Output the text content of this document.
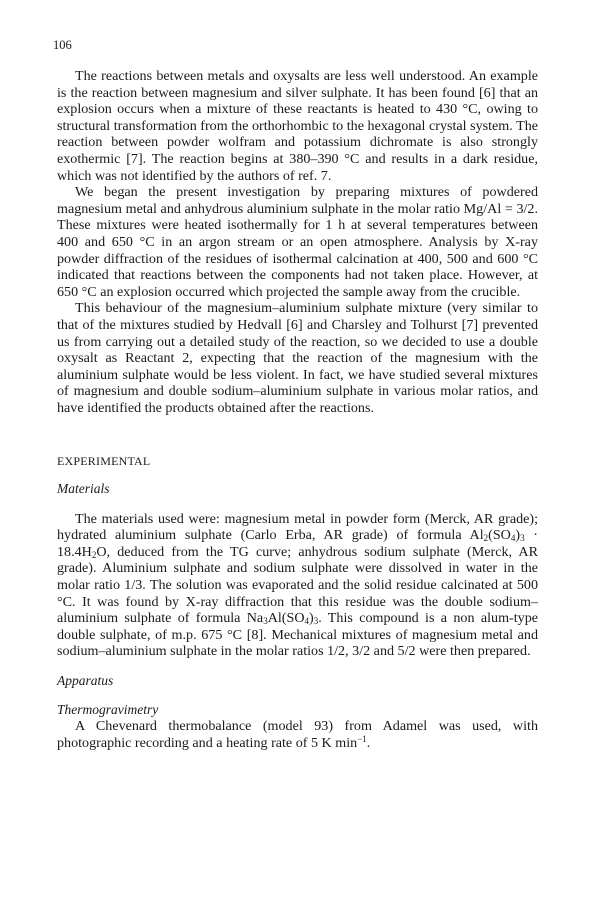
106

The reactions between metals and oxysalts are less well understood. An example is the reaction between magnesium and silver sulphate. It has been found [6] that an explosion occurs when a mixture of these reactants is heated to 430 °C, owing to structural transformation from the orthorhombic to the hexagonal crystal system. The reaction between powder wolfram and potassium dichromate is also strongly exothermic [7]. The reaction begins at 380–390 °C and results in a dark residue, which was not identified by the authors of ref. 7.

We began the present investigation by preparing mixtures of powdered magnesium metal and anhydrous aluminium sulphate in the molar ratio Mg/Al = 3/2. These mixtures were heated isothermally for 1 h at several temperatures between 400 and 650 °C in an argon stream or an open atmosphere. Analysis by X-ray powder diffraction of the residues of isothermal calcination at 400, 500 and 600 °C indicated that reactions between the components had not taken place. However, at 650 °C an explosion occurred which projected the sample away from the crucible.

This behaviour of the magnesium–aluminium sulphate mixture (very similar to that of the mixtures studied by Hedvall [6] and Charsley and Tolhurst [7] prevented us from carrying out a detailed study of the reaction, so we decided to use a double oxysalt as Reactant 2, expecting that the reaction of the magnesium with the aluminium sulphate would be less violent. In fact, we have studied several mixtures of magnesium and double sodium–aluminium sulphate in various molar ratios, and have identified the products obtained after the reactions.

EXPERIMENTAL
Materials

The materials used were: magnesium metal in powder form (Merck, AR grade); hydrated aluminium sulphate (Carlo Erba, AR grade) of formula $Al_2(SO_4)_3 \cdot 18.4H_2O$, deduced from the TG curve; anhydrous sodium sulphate (Merck, AR grade). Aluminium sulphate and sodium sulphate were dissolved in water in the molar ratio 1/3. The solution was evaporated and the solid residue calcinated at 500 °C. It was found by X-ray diffraction that this residue was the double sodium–aluminium sulphate of formula $Na_3Al(SO_4)_3$. This compound is a non alum-type double sulphate, of m.p. 675 °C [8]. Mechanical mixtures of magnesium metal and sodium–aluminium sulphate in the molar ratios 1/2, 3/2 and 5/2 were then prepared.

Apparatus
Thermogravimetry

A Chevenard thermobalance (model 93) from Adamel was used, with photographic recording and a heating rate of 5 K $\min^{-1}$.
